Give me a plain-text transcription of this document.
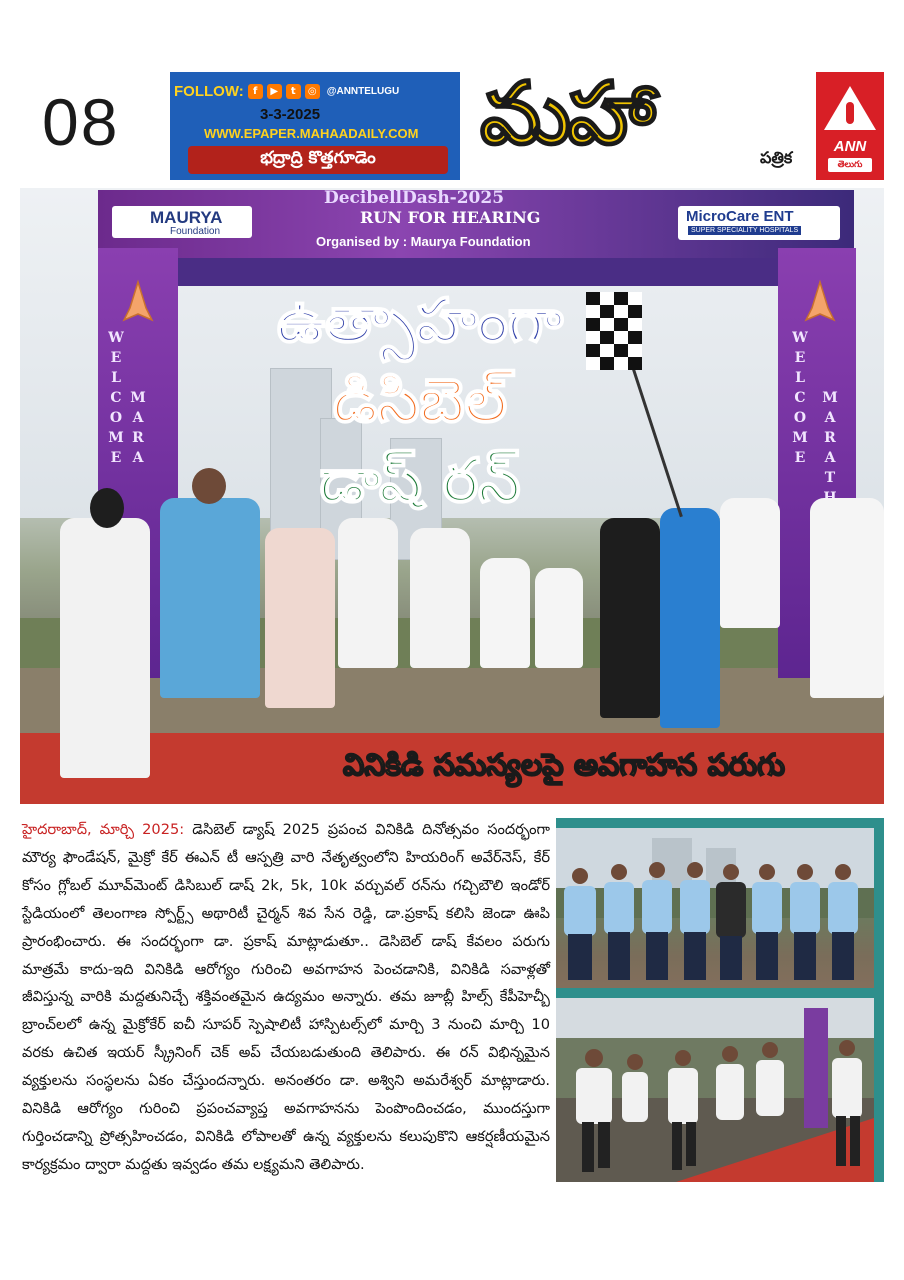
08	FOLLOW: f	▶	t	◎	@ANNTELUGU
3-3-2025
WWW.EPAPER.MAHAADAILY.COM
భద్రాద్రి కొత్తగూడెం మహా	పత్రిక
ANN
తెలుగు
MAURYA
Foundation
DecibellDash-2025
RUN FOR HEARING
Organised by : Maurya Foundation
MicroCare ENT
SUPER SPECIALITY HOSPITALS
W
E
L
C
O
M
E
M
A
R
A
W
E
L
C
O
M
E
M
A
R
A
T

ఉత్సాహంగా
డిసిబెల్
డాష్ రన్
వినికిడి సమస్యలపై అవగాహన పరుగు

హైదరాబాద్, మార్చి 2025: డెసిబెల్ డ్యాష్ 2025 ప్రపంచ వినికిడి దినోత్సవం సందర్భంగా మౌర్య ఫౌండేషన్, మైక్రో కేర్ ఈఎన్ టీ ఆస్పత్రి వారి నేతృత్వంలోని హియరింగ్ అవేర్‌నెస్, కేర్ కోసం గ్లోబల్ మూవ్‌మెంట్ డిసిబుల్ డాష్ 2k, 5k, 10k వర్చువల్ రన్‌ను గచ్చిబౌలి ఇండోర్ స్టేడియంలో తెలంగాణ స్పోర్ట్స్ అథారిటీ చైర్మన్ శివ సేన రెడ్డి, డా.ప్రకాష్ కలిసి జెండా ఊపి ప్రారంభించారు. ఈ సందర్భంగా డా. ప్రకాష్ మాట్లాడుతూ.. డెసిబెల్ డాష్ కేవలం పరుగు మాత్రమే కాదు-ఇది వినికిడి ఆరోగ్యం గురించి అవగాహన పెంచడానికి, వినికిడి సవాళ్లతో జీవిస్తున్న వారికి మద్దతునిచ్చే శక్తివంతమైన ఉద్యమం అన్నారు. తమ జూబ్లీ హిల్స్ కేపీహెచ్బీ బ్రాంచ్‌లలో ఉన్న మైక్రోకేర్ ఐచీ సూపర్ స్పెషాలిటీ హాస్పిటల్స్‌లో మార్చి 3 నుంచి మార్చి 10 వరకు ఉచిత ఇయర్ స్క్రీనింగ్ చెక్ అప్ చేయబడుతుంది తెలిపారు. ఈ రన్ విభిన్నమైన వ్యక్తులను సంస్థలను ఏకం చేస్తుందన్నారు. అనంతరం డా. అశ్విని అమరేశ్వర్ మాట్లాడారు. వినికిడి ఆరోగ్యం గురించి ప్రపంచవ్యాప్త అవగాహనను పెంపొందించడం, ముందస్తుగా గుర్తించడాన్ని ప్రోత్సహించడం, వినికిడి లోపాలతో ఉన్న వ్యక్తులను కలుపుకొని ఆకర్షణీయమైన కార్యక్రమం ద్వారా మద్దతు ఇవ్వడం తమ లక్ష్యమని తెలిపారు.
